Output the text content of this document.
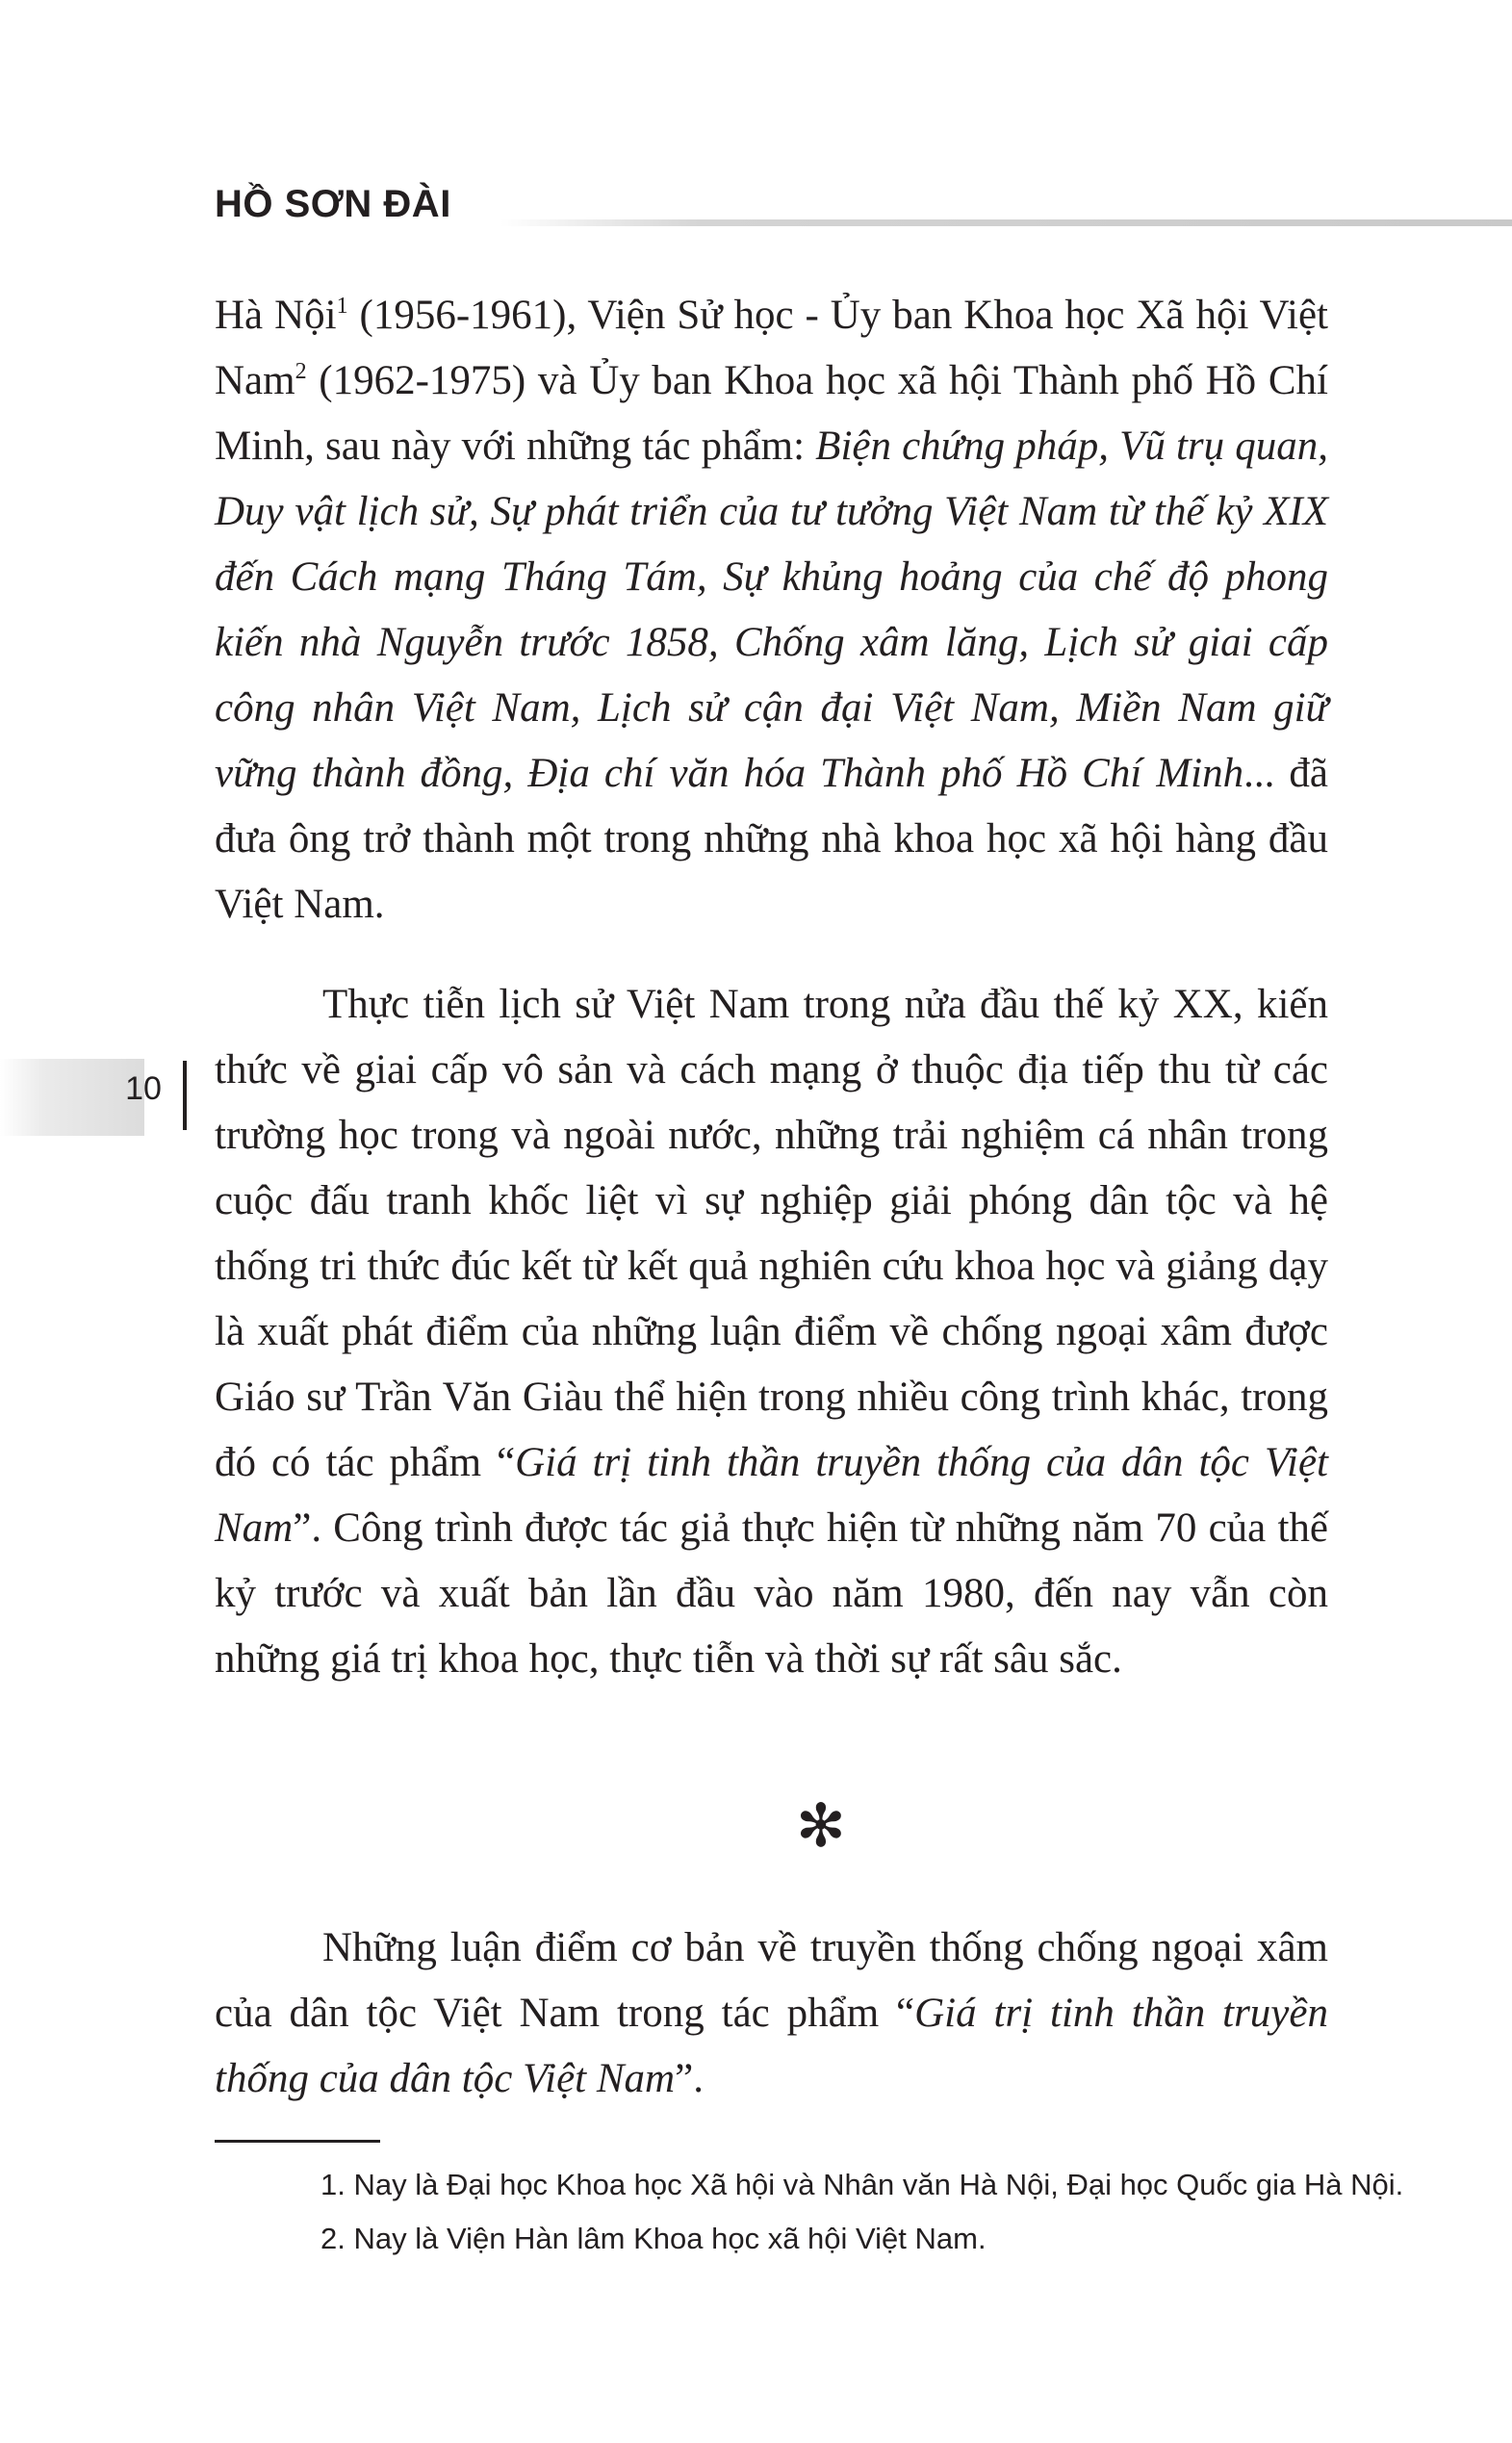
HỒ SƠN ĐÀI
10

Hà Nội$^1$ (1956-1961), Viện Sử học - Ủy ban Khoa học Xã hội Việt Nam$^2$ (1962-1975) và Ủy ban Khoa học xã hội Thành phố Hồ Chí Minh, sau này với những tác phẩm: Biện chứng pháp, Vũ trụ quan, Duy vật lịch sử, Sự phát triển của tư tưởng Việt Nam từ thế kỷ XIX đến Cách mạng Tháng Tám, Sự khủng hoảng của chế độ phong kiến nhà Nguyễn trước 1858, Chống xâm lăng, Lịch sử giai cấp công nhân Việt Nam, Lịch sử cận đại Việt Nam, Miền Nam giữ vững thành đồng, Địa chí văn hóa Thành phố Hồ Chí Minh... đã đưa ông trở thành một trong những nhà khoa học xã hội hàng đầu Việt Nam.

Thực tiễn lịch sử Việt Nam trong nửa đầu thế kỷ XX, kiến thức về giai cấp vô sản và cách mạng ở thuộc địa tiếp thu từ các trường học trong và ngoài nước, những trải nghiệm cá nhân trong cuộc đấu tranh khốc liệt vì sự nghiệp giải phóng dân tộc và hệ thống tri thức đúc kết từ kết quả nghiên cứu khoa học và giảng dạy là xuất phát điểm của những luận điểm về chống ngoại xâm được Giáo sư Trần Văn Giàu thể hiện trong nhiều công trình khác, trong đó có tác phẩm “Giá trị tinh thần truyền thống của dân tộc Việt Nam”. Công trình được tác giả thực hiện từ những năm 70 của thế kỷ trước và xuất bản lần đầu vào năm 1980, đến nay vẫn còn những giá trị khoa học, thực tiễn và thời sự rất sâu sắc.

✻

Những luận điểm cơ bản về truyền thống chống ngoại xâm của dân tộc Việt Nam trong tác phẩm “Giá trị tinh thần truyền thống của dân tộc Việt Nam”.

1. Nay là Đại học Khoa học Xã hội và Nhân văn Hà Nội, Đại học Quốc gia Hà Nội.
2. Nay là Viện Hàn lâm Khoa học xã hội Việt Nam.
